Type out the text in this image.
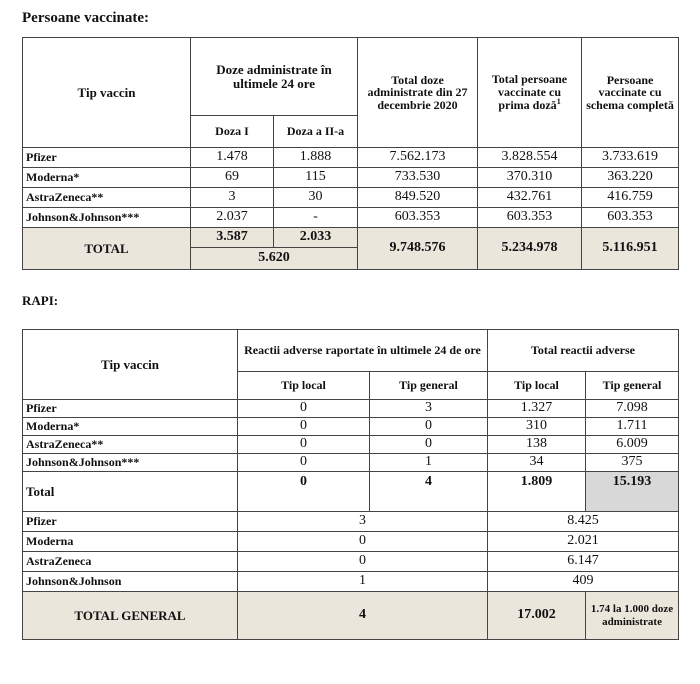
Persoane vaccinate:
Tip vaccin	Doze administrate în ultimele 24 ore		Total doze administrate din 27 decembrie 2020	Total persoane vaccinate cu prima doză$^1$	Persoane vaccinate cu schema completă
	Doza I	Doza a II-a			
Pfizer	1.478	1.888	7.562.173	3.828.554	3.733.619
Moderna*	69	115	733.530	370.310	363.220
AstraZeneca**	3	30	849.520	432.761	416.759
Johnson&Johnson***	2.037	-	603.353	603.353	603.353
TOTAL	3.587	2.033	9.748.576	5.234.978	5.116.951
	5.620				
RAPI:
Tip vaccin	Reactii adverse raportate în ultimele 24 de ore		Total reactii adverse	
	Tip local	Tip general	Tip local	Tip general
Pfizer	0	3	1.327	7.098
Moderna*	0	0	310	1.711
AstraZeneca**	0	0	138	6.009
Johnson&Johnson***	0	1	34	375
Total	0	4	1.809	15.193
Pfizer	3		8.425	
Moderna	0		2.021	
AstraZeneca	0		6.147	
Johnson&Johnson	1		409	
TOTAL GENERAL	4		17.002	1.74 la 1.000 doze administrate
